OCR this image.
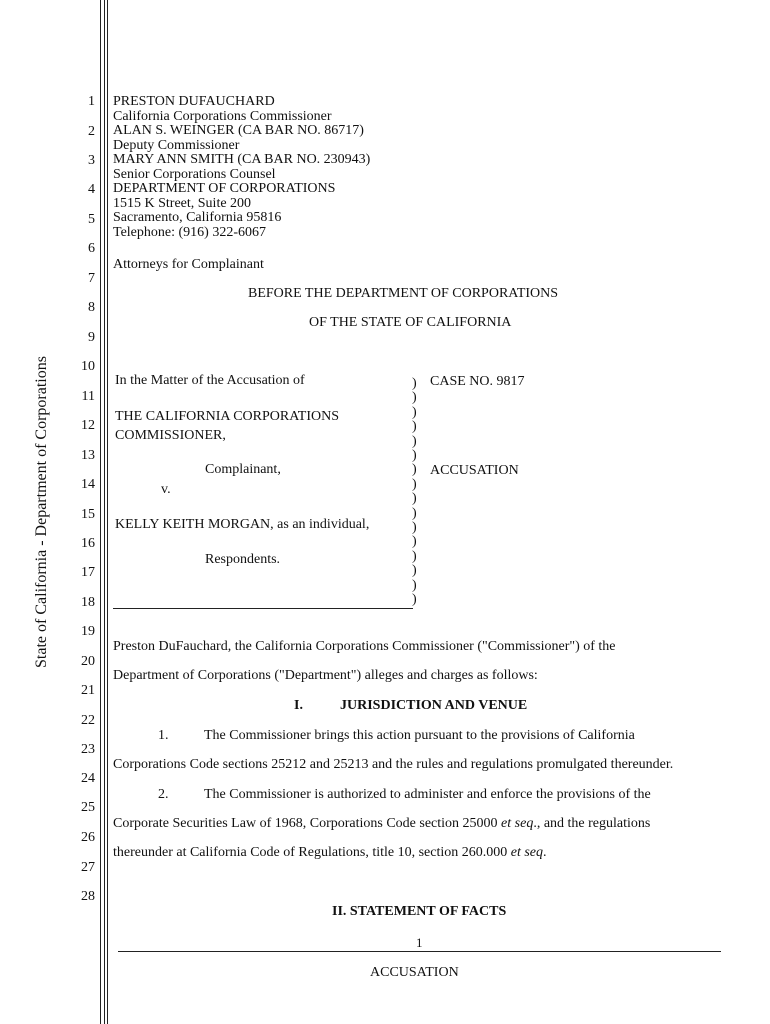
State of California - Department of Corporations
1
2
3
4
5
6
7
8
9
10
11
12
13
14
15
16
17
18
19
20
21
22
23
24
25
26
27
28
PRESTON DUFAUCHARD
California Corporations Commissioner
ALAN S. WEINGER (CA BAR NO. 86717)
Deputy Commissioner
MARY ANN SMITH (CA BAR NO. 230943)
Senior Corporations Counsel
DEPARTMENT OF CORPORATIONS
1515 K Street, Suite 200
Sacramento, California 95816
Telephone: (916) 322-6067
Attorneys for Complainant
BEFORE THE DEPARTMENT OF CORPORATIONS
OF THE STATE OF CALIFORNIA
In the Matter of the Accusation of
THE CALIFORNIA CORPORATIONS
COMMISSIONER,
Complainant,
v.
KELLY KEITH MORGAN, as an individual,
Respondents.
)
)
)
)
)
)
)
)
)
)
)
)
)
)
)
)
CASE NO. 9817
ACCUSATION
Preston DuFauchard, the California Corporations Commissioner ("Commissioner") of the
Department of Corporations ("Department") alleges and charges as follows:
I.	JURISDICTION AND VENUE
1.	The Commissioner brings this action pursuant to the provisions of California
Corporations Code sections 25212 and 25213 and the rules and regulations promulgated thereunder.
2.	The Commissioner is authorized to administer and enforce the provisions of the
Corporate Securities Law of 1968, Corporations Code section 25000 et seq., and the regulations
thereunder at California Code of Regulations, title 10, section 260.000 et seq.
II. STATEMENT OF FACTS
1
ACCUSATION
